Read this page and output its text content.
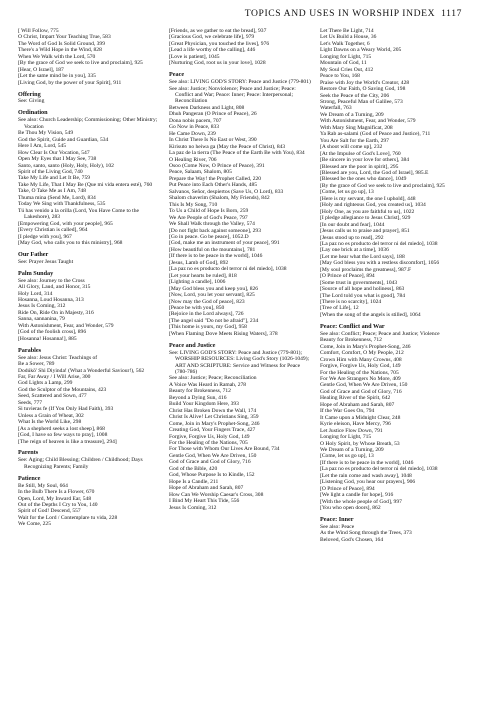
TOPICS AND USES IN WORSHIP INDEX 1117
[ Will Follow, 775
O Christ, Impart Your Teaching True, 583
The Word of God Is Solid Ground, 399
There's a Wild Hope in the Wind, 828
When We Walk with the Lord, 570
[By the grace of God we seek to live and proclaim], 925
[Hear, O Israel], 187
[Let the same mind be in you], 335
[Living God, by the power of your Spirit], 911
Offering
See: Giving
Ordination
See also: Church Leadership; Commissioning; Other Ministry; Vocation
Be Thou My Vision, 549
God the Spirit, Guide and Guardian, 534
Here I Am, Lord, 545
How Clear Is Our Vocation, 547
Open My Eyes that I May See, 738
Santo, santo, santo (Holy, Holy, Holy), 102
Spirit of the Living God, 740
Take My Life and Let It Be, 759
Take My Life, That I May Be (Que mi vida entera esté), 760
Take, O Take Me as I Am, 748
Thuma mina (Send Me, Lord), 834
Today We Sing with Thankfulness, 535
Tú has venido a la orilla (Lord, You Have Come to the Lakeshore), 283
[Empowering God, with your people], 965
[Every Christian is called], 964
[I pledge with you], 967
[May God, who calls you to this ministry], 968
Our Father
See: Prayer Jesus Taught
Palm Sunday
See also: Journey to the Cross
All Glory, Laud, and Honor, 315
Holy Lord, 314
Hosanna, Loud Hosanna, 313
Jesus Is Coming, 312
Ride On, Ride On in Majesty, 316
Sanna, sannanina, 79
With Astonishment, Fear, and Wonder, 579
[God of the foolish cross], 896
[Hosanna! Hosanna!], 885
Parables
See also: Jesus Christ: Teachings of
Be a Sower, 789
Dodúkō' Shi Diyinda! (What a Wonderful Saviour!), 562
Far, Far Away / I Will Arise, 300
God Lights a Lamp, 299
God the Sculptor of the Mountains, 423
Seed, Scattered and Sown, 477
Seeds, 777
Si tuvieras fe (If You Only Had Faith), 393
Unless a Grain of Wheat, 302
What Is the World Like, 298
[As a shepherd seeks a lost sheep], 868
[God, I have so few ways to pray], 1008
[The reign of heaven is like a treasure], 294]
Parents
See: Aging; Child Blessing; Children / Childhood; Days Recognizing Parents; Family
Patience
Be Still, My Soul, 664
In the Bulb There Is a Flower, 670
Open, Lord, My Inward Ear, 548
Out of the Depths I Cry to You, 140
Spirit of God! Descend, 557
Wait for the Lord / Contemplare tu vida, 228
We Come, 225
[Friends, as we gather to eat the bread], 937
[Gracious God, we celebrate life], 979
[Great Physician, you touched the lives], 976
[Lead a life worthy of the calling], 446
[Love is patient], 1045
[Nurturing God, root us in your love], 1028
Peace
See also: LIVING GOD'S STORY: Peace and Justice (779-801)
See also: Justice; Nonviolence; Peace and Justice; Peace: Conflict and War; Peace: Inner; Peace: Interpersonal; Reconciliation
Between Darkness and Light, 808
Dhuh Pangeran (O Prince of Peace), 26
Dona nobis pacem, 707
Go Now in Peace, 833
He Came Down, 239
In Christ There Is No East or West, 390
Kirisuto no heiwa ga (May the Peace of Christ), 843
La paz de la tierra (The Peace of the Earth Be with You), 834
O Healing River, 706
Osoo (Come Now, O Prince of Peace), 391
Peace, Salaam, Shalom, 805
Prepare the Way! the Prophet Called, 220
Put Peace into Each Other's Hands, 485
Salvanos, Señor, despiertos (Save Us, O Lord), 833
Shalom chaverim (Shalom, My Friends), 842
This Is My Song, 710
To Us a Child of Hope Is Born, 259
We Are People of God's Peace, 797
We Shall Walk through the Valley, 574
[Do not fight back against someone], 293
[Go in peace. Go be peace], 1052.D
[God, make me an instrument of your peace], 991
[How beautiful on the mountains], 781
[If there is to be peace in the world], 1046
[Jesus, Lamb of God], 892
[La paz no es producto del terror ni del miedo], 1038
[Let your hearts be ruled], 818
[Lighting a candle], 1006
[May God bless you and keep you], 826
[Now, Lord, you let your servant], 825
[Now may the God of peace], 823
[Peace be with you], 850
[Rejoice in the Lord always], 726
[The angel said "Do not be afraid"], 234
[This home is yours, my God], 958
[When Flaming Dove Meets Rising Waters], 378
Peace and Justice
See: LIVING GOD'S STORY: Peace and Justice (779-801); WORSHIP RESOURCES: Living God's Story (1026-1049); ART AND SCRIPTURE: Service and Witness for Peace (780-786)
See also: Justice; Peace; Reconciliation
A Voice Was Heard in Ramah, 278
Beauty for Brokenness, 712
Beyond a Dying Sun, 416
Build Your Kingdom Here, 393
Christ Has Broken Down the Wall, 174
Christ Is Alive! Let Christians Sing, 359
Come, Join in Mary's Prophet-Song, 246
Creating God, Your Fingers Trace, 427
Forgive, Forgive Us, Holy God, 149
For the Healing of the Nations, 705
For Those with Whom Our Lives Are Bound, 734
Gentle God, When We Are Driven, 150
God of Grace and God of Glory, 716
God of the Bible, 420
God, Whose Purpose Is to Kindle, 152
Hope Is a Candle, 211
Hope of Abraham and Sarah, 807
How Can We Worship Caesar's Cross, 308
I Bind My Heart This Tide, 556
Jesus Is Coming, 312
Let There Be Light, 714
Let Us Build a House, 36
Let's Walk Together, 6
Light Dawns on a Weary World, 205
Longing for Light, 715
Mountain of God, 11
My Soul Cries Out, 412
Peace to You, 168
Praise with Joy the World's Creator, 428
Restore Our Faith, O Saving God, 198
Seek the Peace of the City, 206
Strong, Peaceful Man of Galilee, 573
Waterfall, 763
We Dream of a Turning, 209
With Astonishment, Fear, and Wonder, 579
With Mary Sing Magnificat, 208
Ya Rab as-salami (God of Peace and Justice), 711
You Are Salt for the Earth, 297
[A shoot will come up], 232
[At the Impulse of God's Love], 760
[Be sincere in your love for others], 384
[Blessed are the poor in spirit], 295
[Blessed are you, Lord, the God of Israel], 985.E
[Blessed be the ones who dance], 1049
[By the grace of God we seek to live and proclaim], 925
[Come, let us go up], 13
[Here is my servant, the one I uphold], 448
[Holy and righteous God, you created us], 1034
[Holy One, as you are faithful to us], 1022
[I pledge allegiance to Jesus Christ], 929
[In our doubt and fear], 1044
[Jesus calls us to praise and prayer], 851
[Jesus stood up to read], 292
[La paz no es producto del terror ni del miedo], 1038
[Lay one brick at a time], 1036
[Let me hear what the Lord says], 188
[May God bless you with a restless discomfort], 1056
[My soul proclaims the greatness], 987.F
[O Prince of Peace], 894
[Some trust in governments], 1043
[Source of all hope and holiness], 863
[The Lord told you what is good], 784
[There is no scarcity], 1024
[Tree of Life], 12
[When the song of the angels is stilled], 1064
Peace: Conflict and War
See also: Conflict; Peace; Peace and Justice; Violence
Beauty for Brokenness, 712
Come, Join in Mary's Prophet-Song, 246
Comfort, Comfort, O My People, 212
Crown Him with Many Crowns, 408
Forgive, Forgive Us, Holy God, 149
For the Healing of the Nations, 705
For We Are Strangers No More, 409
Gentle God, When We Are Driven, 150
God of Grace and God of Glory, 716
Healing River of the Spirit, 642
Hope of Abraham and Sarah, 807
If the War Goes On, 794
It Came upon a Midnight Clear, 248
Kyrie eleison, Have Mercy, 796
Let Justice Flow Down, 791
Longing for Light, 715
O Holy Spirit, by Whose Breath, 53
We Dream of a Turning, 209
[Come, let us go up], 13
[If there is to be peace in the world], 1046
[La paz no es producto del terror ni del miedo], 1038
[Let the rain come and wash away], 1048
[Listening God, you hear our prayers], 906
[O Prince of Peace], 894
[We light a candle for hope], 916
[With the whole people of God], 997
[You who open doors], 862
Peace: Inner
See also: Peace
As the Wind Song through the Trees, 373
Beloved, God's Chosen, 164
